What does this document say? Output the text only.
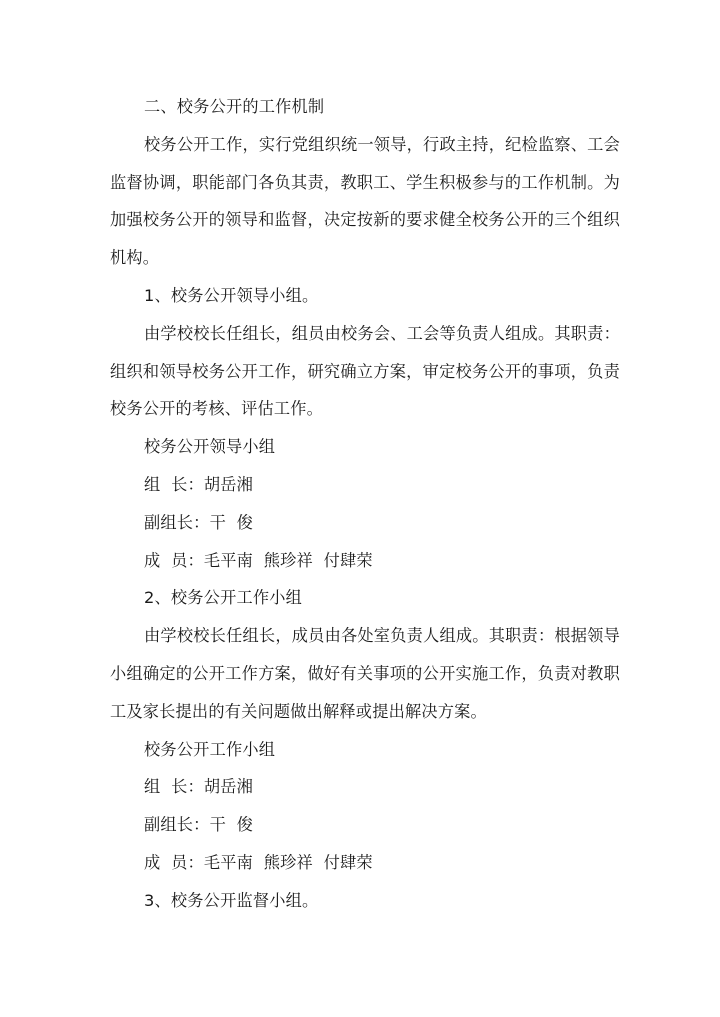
二、校务公开的工作机制

校务公开工作，实行党组织统一领导，行政主持，纪检监察、工会监督协调，职能部门各负其责，教职工、学生积极参与的工作机制。为加强校务公开的领导和监督，决定按新的要求健全校务公开的三个组织机构。

1、校务公开领导小组。

由学校校长任组长，组员由校务会、工会等负责人组成。其职责：组织和领导校务公开工作，研究确立方案，审定校务公开的事项，负责校务公开的考核、评估工作。

校务公开领导小组

组  长：胡岳湘

副组长：干  俊

成  员：毛平南  熊珍祥  付肆荣

2、校务公开工作小组

由学校校长任组长，成员由各处室负责人组成。其职责：根据领导小组确定的公开工作方案，做好有关事项的公开实施工作，负责对教职工及家长提出的有关问题做出解释或提出解决方案。

校务公开工作小组

组  长：胡岳湘

副组长：干  俊

成  员：毛平南  熊珍祥  付肆荣

3、校务公开监督小组。
